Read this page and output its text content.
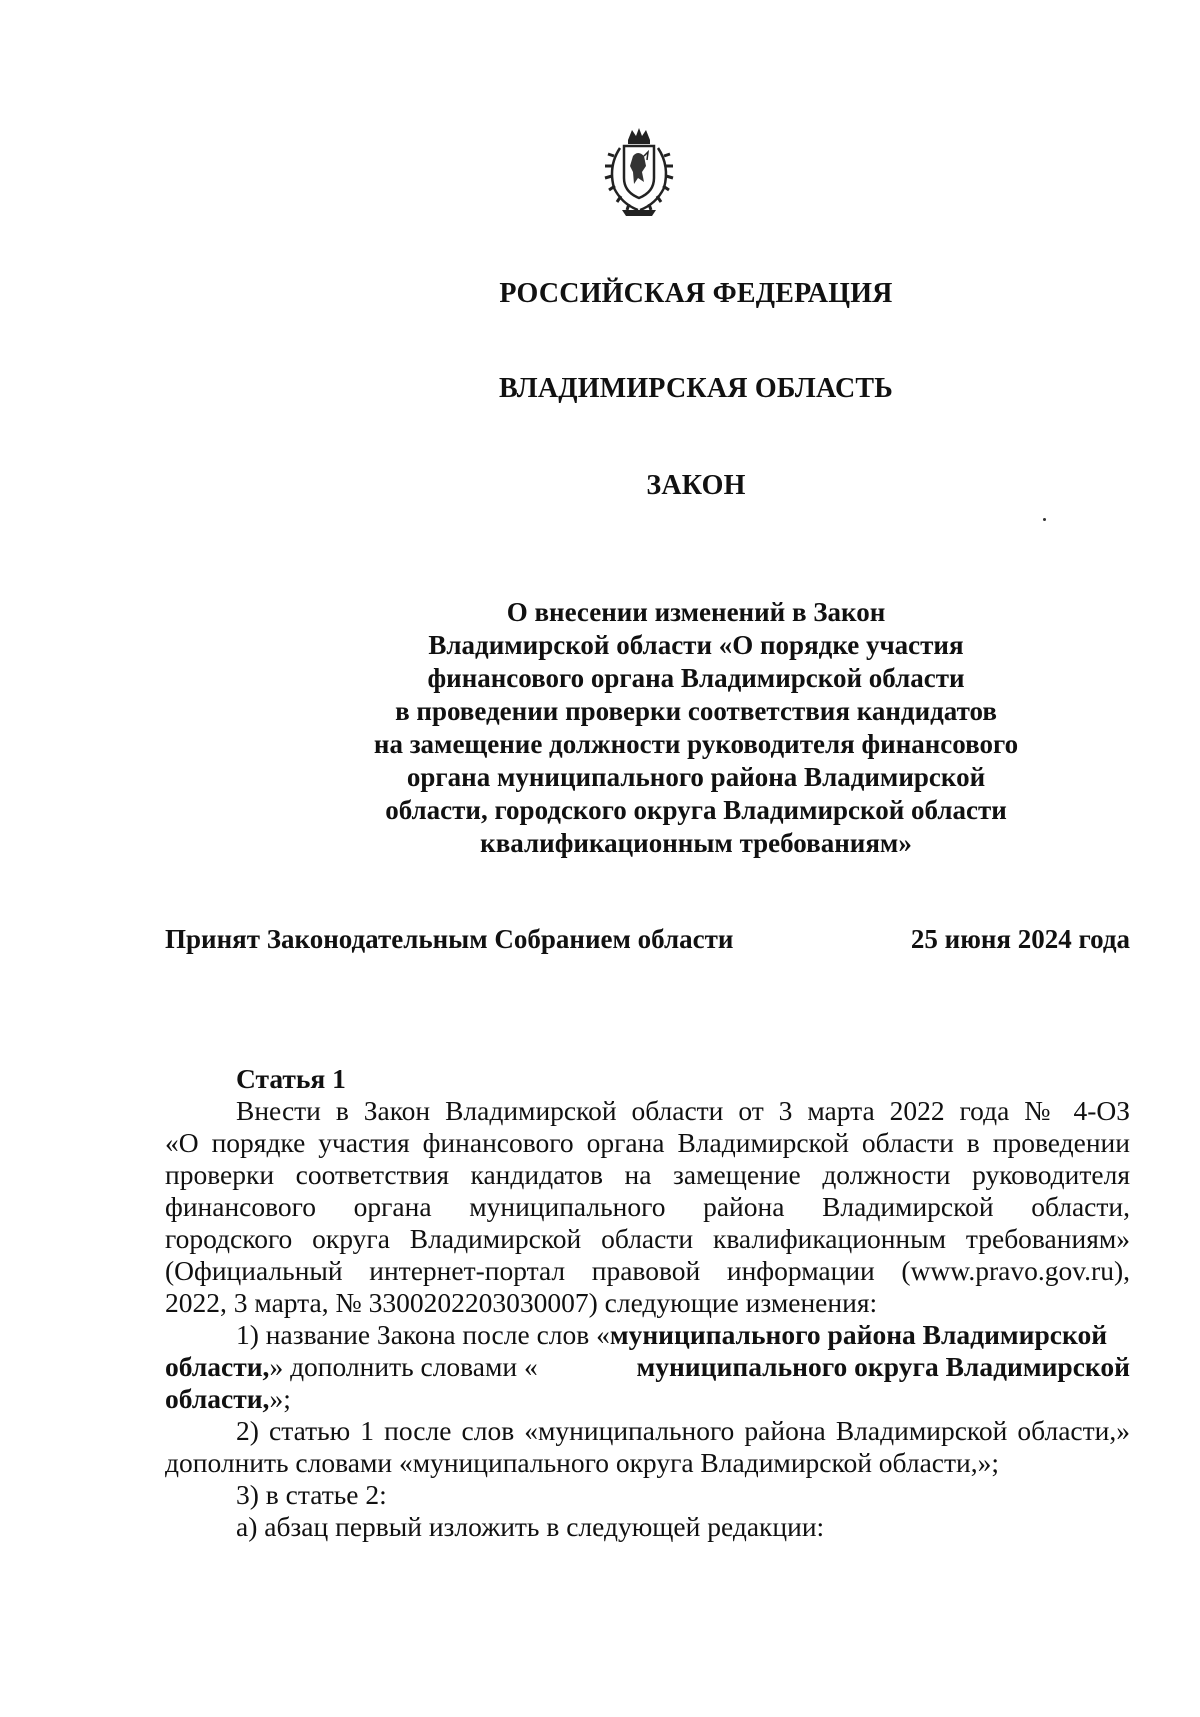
РОССИЙСКАЯ ФЕДЕРАЦИЯ
ВЛАДИМИРСКАЯ ОБЛАСТЬ
ЗАКОН
О внесении изменений в Закон
Владимирской области «О порядке участия
финансового органа Владимирской области
в проведении проверки соответствия кандидатов
на замещение должности руководителя финансового
органа муниципального района Владимирской
области, городского округа Владимирской области
квалификационным требованиям»
Принят Законодательным Собранием области	25 июня 2024 года
Статья 1
Внести в Закон Владимирской области от 3 марта 2022 года № 4-ОЗ
«О порядке участия финансового органа Владимирской области в проведении
проверки соответствия кандидатов на замещение должности руководителя
финансового органа муниципального района Владимирской области,
городского округа Владимирской области квалификационным требованиям»
(Официальный интернет-портал правовой информации (www.pravo.gov.ru),
2022, 3 марта, № 3300202203030007) следующие изменения:
1) название Закона после слов «муниципального района Владимирской
области,» дополнить словами «	муниципального округа Владимирской
области,»;
2) статью 1 после слов «муниципального района Владимирской области,»
дополнить словами «муниципального округа Владимирской области,»;
3) в статье 2:
а) абзац первый изложить в следующей редакции:
